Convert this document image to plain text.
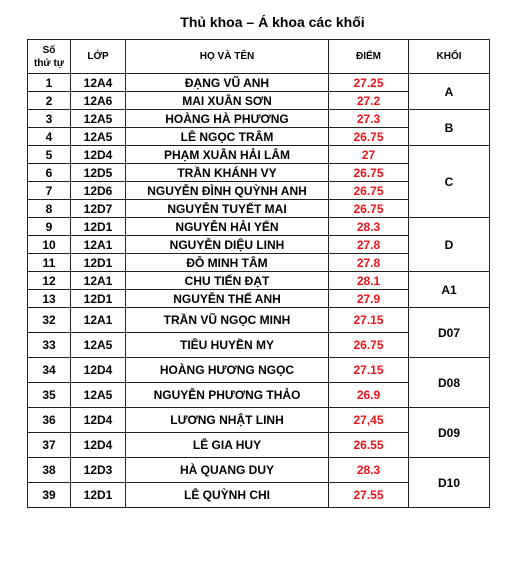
Thủ khoa – Á khoa các khối
Số
thứ tự	LỚP	HỌ VÀ TÊN	ĐIỂM	KHỐI
1	12A4	ĐẠNG VŨ ANH	27.25	A
2	12A6	MAI XUÂN SƠN	27.2	
3	12A5	HOÀNG HÀ PHƯƠNG	27.3	B
4	12A5	LÊ NGỌC TRÂM	26.75	
5	12D4	PHẠM XUÂN HẢI LÂM	27	C
6	12D5	TRẦN KHÁNH VY	26.75	
7	12D6	NGUYỄN ĐÌNH QUỲNH ANH	26.75	
8	12D7	NGUYỄN TUYẾT MAI	26.75	
9	12D1	NGUYỄN HẢI YẾN	28.3	D
10	12A1	NGUYỄN DIỆU LINH	27.8	
11	12D1	ĐỖ MINH TÂM	27.8	
12	12A1	CHU TIẾN ĐẠT	28.1	A1
13	12D1	NGUYỄN THẾ ANH	27.9	
32	12A1	TRẦN VŨ NGỌC MINH	27.15	D07
33	12A5	TIÊU HUYỀN MY	26.75	
34	12D4	HOÀNG HƯƠNG NGỌC	27.15	D08
35	12A5	NGUYỄN PHƯƠNG THẢO	26.9	
36	12D4	LƯƠNG NHẬT LINH	27,45	D09
37	12D4	LÊ GIA HUY	26.55	
38	12D3	HÀ QUANG DUY	28.3	D10
39	12D1	LÊ QUỲNH CHI	27.55	
